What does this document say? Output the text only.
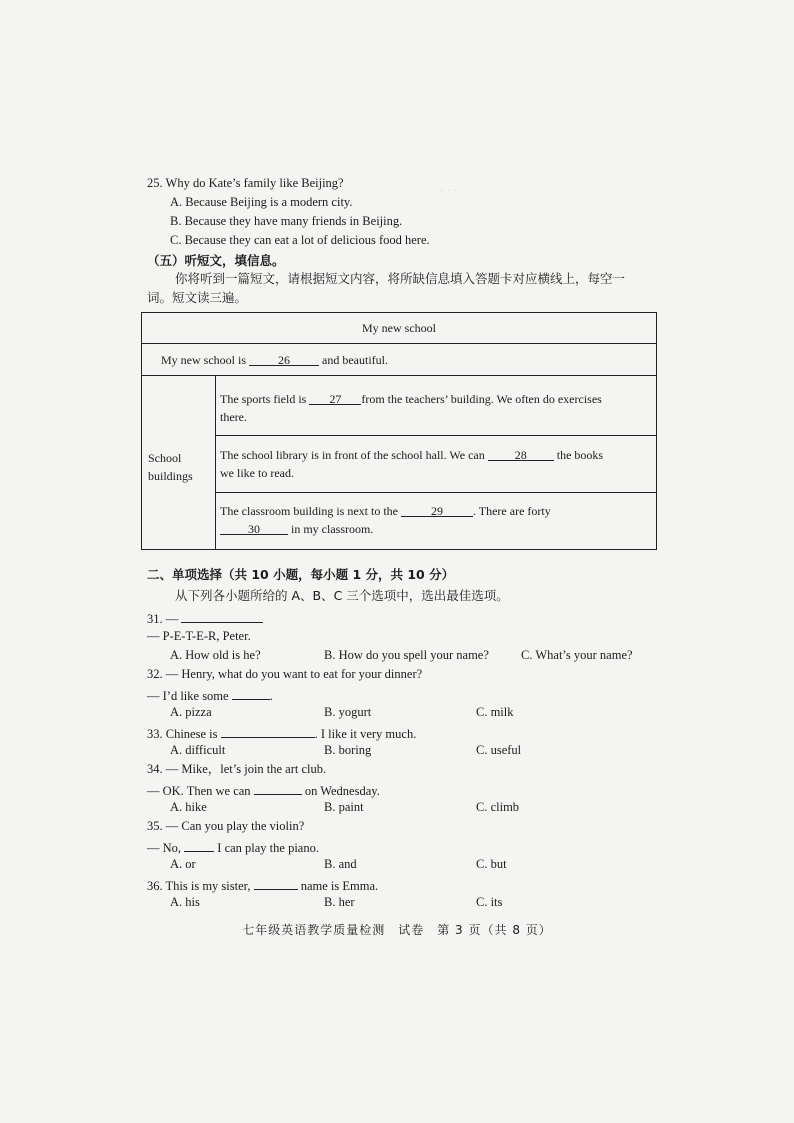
· · ·　　　　　　　　
25. Why do Kate’s family like Beijing?
A. Because Beijing is a modern city.
B. Because they have many friends in Beijing.
C. Because they can eat a lot of delicious food here.
（五）听短文，填信息。
你将听到一篇短文，请根据短文内容，将所缺信息填入答题卡对应横线上，每空一
词。短文读三遍。
My new school
My new school is	26	and beautiful.
School
buildings
The sports field is 27 from the teachers’ building. We often do exercises
there.
The school library is in front of the school hall. We can	28	the books
we like to read.
The classroom building is next to the	29	. There are forty
30	in my classroom.
二、单项选择（共 10 小题，每小题 1 分，共 10 分）
从下列各小题所给的 A、B、C 三个选项中，选出最佳选项。
31. —
— P-E-T-E-R, Peter.
A. How old is he?	B. How do you spell your name?	C. What’s your name?
32. — Henry, what do you want to eat for your dinner?
— I’d like some	.
A. pizza	B. yogurt	C. milk
33. Chinese is	. I like it very much.
A. difficult	B. boring	C. useful
34. — Mike，let’s join the art club.
— OK. Then we can	on Wednesday.
A. hike	B. paint	C. climb
35. — Can you play the violin?
— No,	I can play the piano.
A. or	B. and	C. but
36. This is my sister,	name is Emma.
A. his	B. her	C. its
七年级英语教学质量检测　试卷　第 3 页（共 8 页）
